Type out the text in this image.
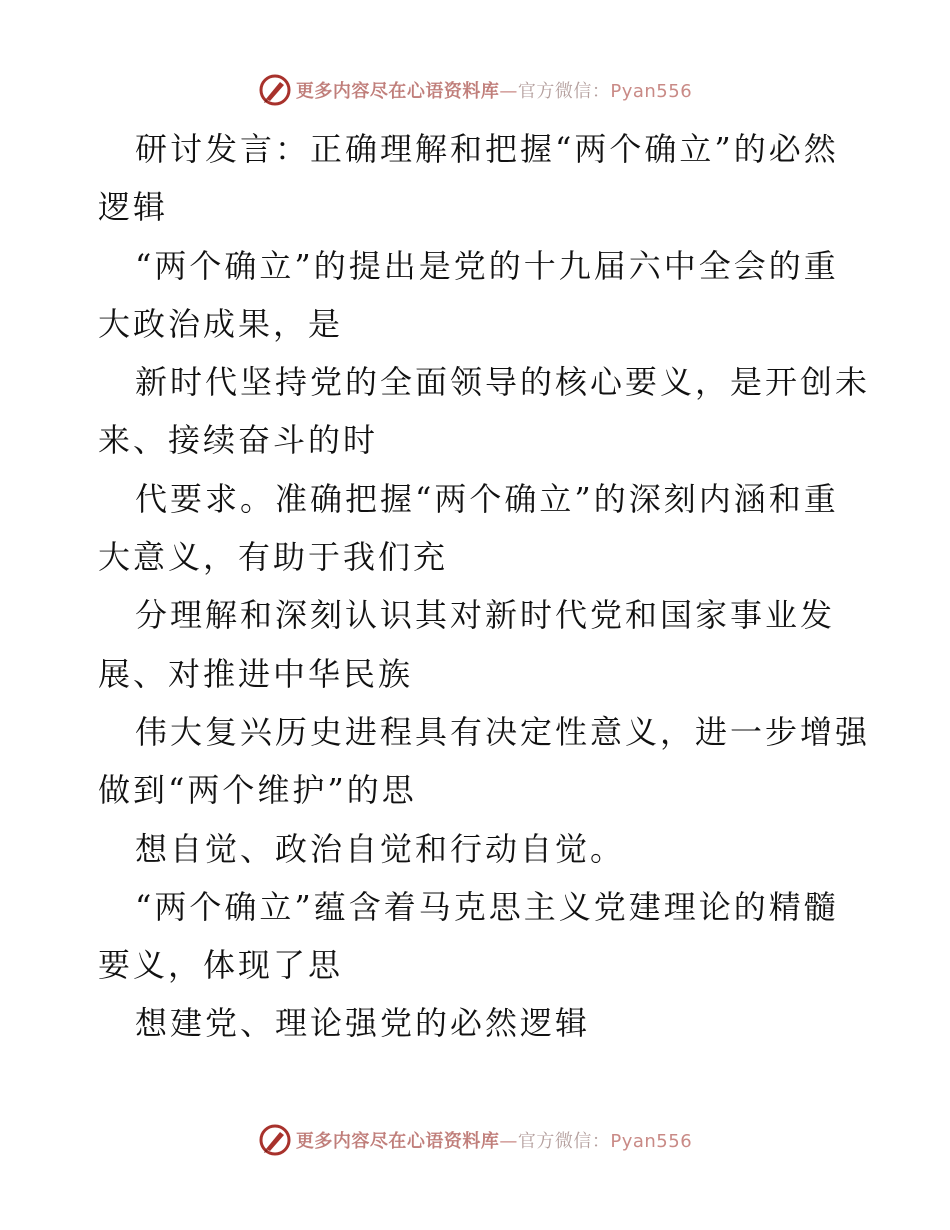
更多内容尽在心语资料库—官方微信：Pyan556
研讨发言：正确理解和把握“两个确立”的必然
逻辑
“两个确立”的提出是党的十九届六中全会的重
大政治成果，是
新时代坚持党的全面领导的核心要义，是开创未
来、接续奋斗的时
代要求。准确把握“两个确立”的深刻内涵和重
大意义，有助于我们充
分理解和深刻认识其对新时代党和国家事业发
展、对推进中华民族
伟大复兴历史进程具有决定性意义，进一步增强
做到“两个维护”的思
想自觉、政治自觉和行动自觉。
“两个确立”蕴含着马克思主义党建理论的精髓
要义，体现了思
想建党、理论强党的必然逻辑
更多内容尽在心语资料库—官方微信：Pyan556
